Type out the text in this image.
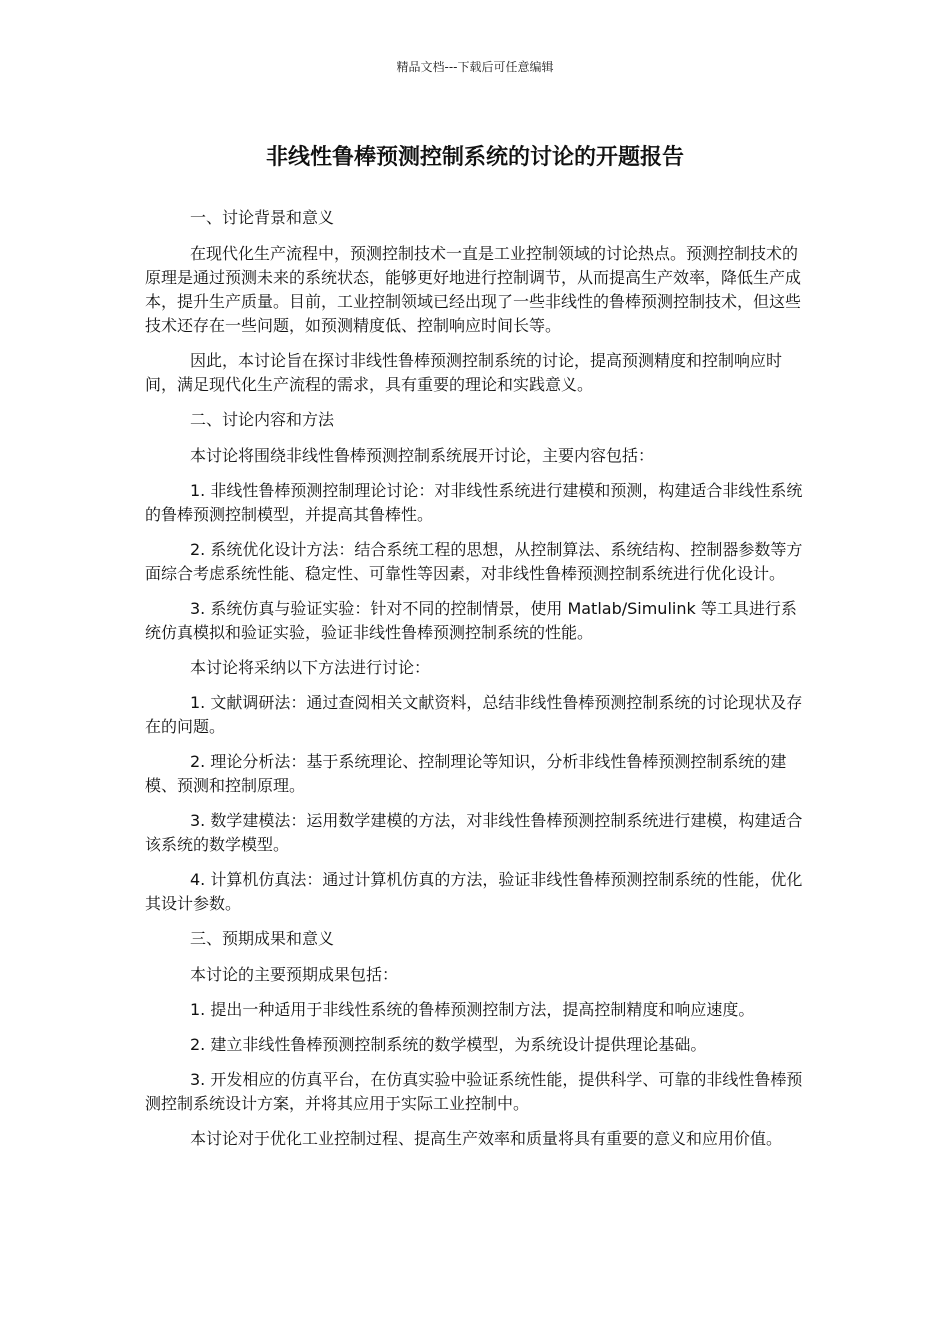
精品文档---下载后可任意编辑
非线性鲁棒预测控制系统的讨论的开题报告

一、讨论背景和意义

在现代化生产流程中，预测控制技术一直是工业控制领域的讨论热点。预测控制技术的原理是通过预测未来的系统状态，能够更好地进行控制调节，从而提高生产效率，降低生产成本，提升生产质量。目前，工业控制领域已经出现了一些非线性的鲁棒预测控制技术，但这些技术还存在一些问题，如预测精度低、控制响应时间长等。

因此，本讨论旨在探讨非线性鲁棒预测控制系统的讨论，提高预测精度和控制响应时间，满足现代化生产流程的需求，具有重要的理论和实践意义。

二、讨论内容和方法

本讨论将围绕非线性鲁棒预测控制系统展开讨论，主要内容包括：

1. 非线性鲁棒预测控制理论讨论：对非线性系统进行建模和预测，构建适合非线性系统的鲁棒预测控制模型，并提高其鲁棒性。

2. 系统优化设计方法：结合系统工程的思想，从控制算法、系统结构、控制器参数等方面综合考虑系统性能、稳定性、可靠性等因素，对非线性鲁棒预测控制系统进行优化设计。

3. 系统仿真与验证实验：针对不同的控制情景，使用 Matlab/Simulink 等工具进行系统仿真模拟和验证实验，验证非线性鲁棒预测控制系统的性能。

本讨论将采纳以下方法进行讨论：

1. 文献调研法：通过查阅相关文献资料，总结非线性鲁棒预测控制系统的讨论现状及存在的问题。

2. 理论分析法：基于系统理论、控制理论等知识，分析非线性鲁棒预测控制系统的建模、预测和控制原理。

3. 数学建模法：运用数学建模的方法，对非线性鲁棒预测控制系统进行建模，构建适合该系统的数学模型。

4. 计算机仿真法：通过计算机仿真的方法，验证非线性鲁棒预测控制系统的性能，优化其设计参数。

三、预期成果和意义

本讨论的主要预期成果包括：

1. 提出一种适用于非线性系统的鲁棒预测控制方法，提高控制精度和响应速度。

2. 建立非线性鲁棒预测控制系统的数学模型，为系统设计提供理论基础。

3. 开发相应的仿真平台，在仿真实验中验证系统性能，提供科学、可靠的非线性鲁棒预测控制系统设计方案，并将其应用于实际工业控制中。

本讨论对于优化工业控制过程、提高生产效率和质量将具有重要的意义和应用价值。
